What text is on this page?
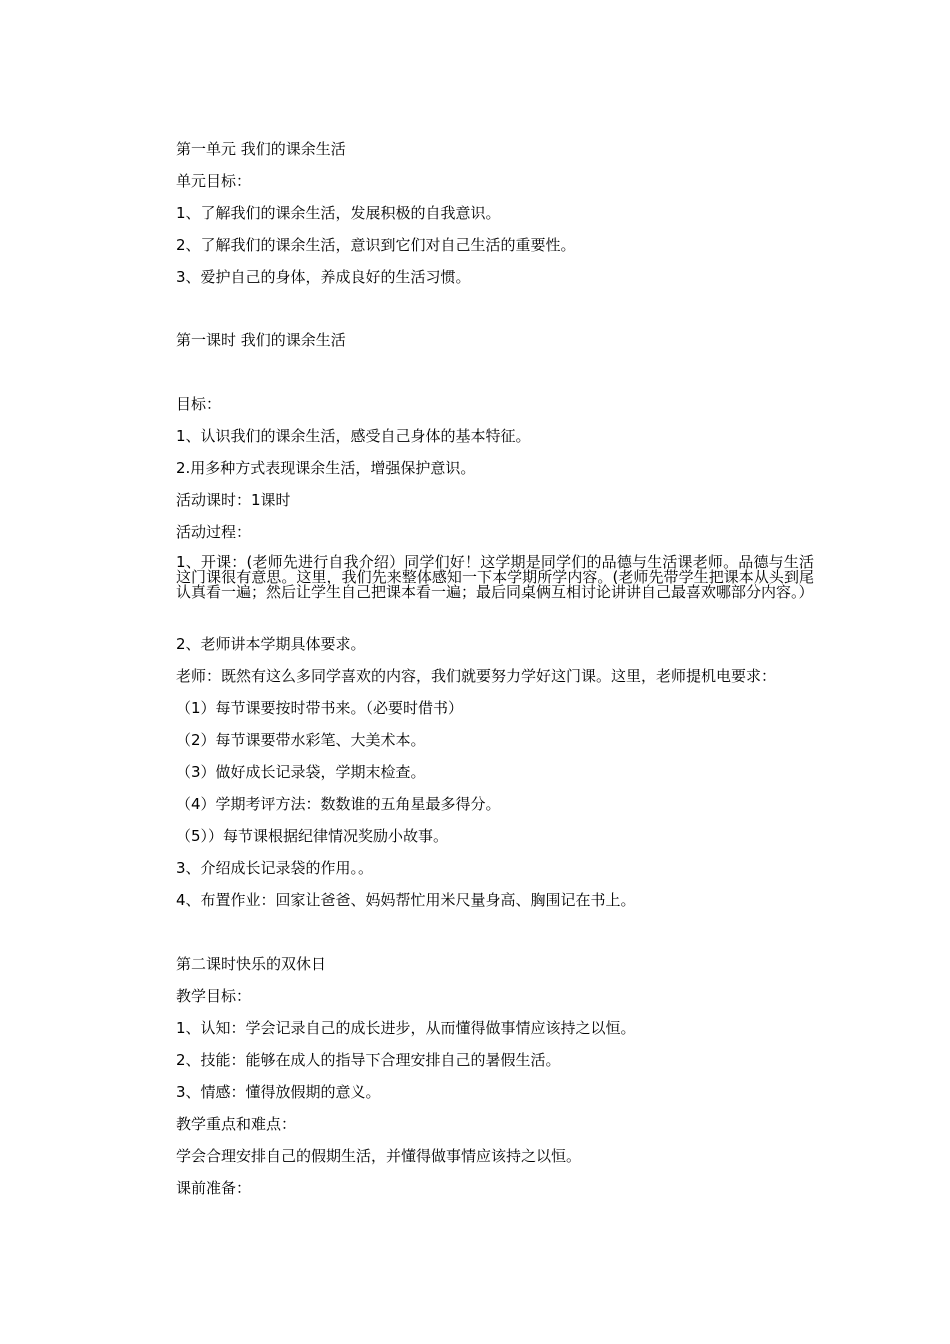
第一单元 我们的课余生活
单元目标：
1、了解我们的课余生活，发展积极的自我意识。
2、了解我们的课余生活，意识到它们对自己生活的重要性。
3、爱护自己的身体，养成良好的生活习惯。
第一课时 我们的课余生活
目标：
1、认识我们的课余生活，感受自己身体的基本特征。
2.用多种方式表现课余生活，增强保护意识。
活动课时：1课时
活动过程：
1、开课：(老师先进行自我介绍）同学们好！这学期是同学们的品德与生活课老师。品德与生活这门课很有意思。这里，我们先来整体感知一下本学期所学内容。(老师先带学生把课本从头到尾认真看一遍；然后让学生自己把课本看一遍；最后同桌俩互相讨论讲讲自己最喜欢哪部分内容。）
2、老师讲本学期具体要求。
老师：既然有这么多同学喜欢的内容，我们就要努力学好这门课。这里，老师提机电要求：
（1）每节课要按时带书来。（必要时借书）
（2）每节课要带水彩笔、大美术本。
（3）做好成长记录袋，学期末检查。
（4）学期考评方法：数数谁的五角星最多得分。
（5））每节课根据纪律情况奖励小故事。
3、介绍成长记录袋的作用。。
4、布置作业：回家让爸爸、妈妈帮忙用米尺量身高、胸围记在书上。
第二课时快乐的双休日
教学目标：
1、认知：学会记录自己的成长进步，从而懂得做事情应该持之以恒。
2、技能：能够在成人的指导下合理安排自己的暑假生活。
3、情感：懂得放假期的意义。
教学重点和难点：
学会合理安排自己的假期生活，并懂得做事情应该持之以恒。
课前准备：
